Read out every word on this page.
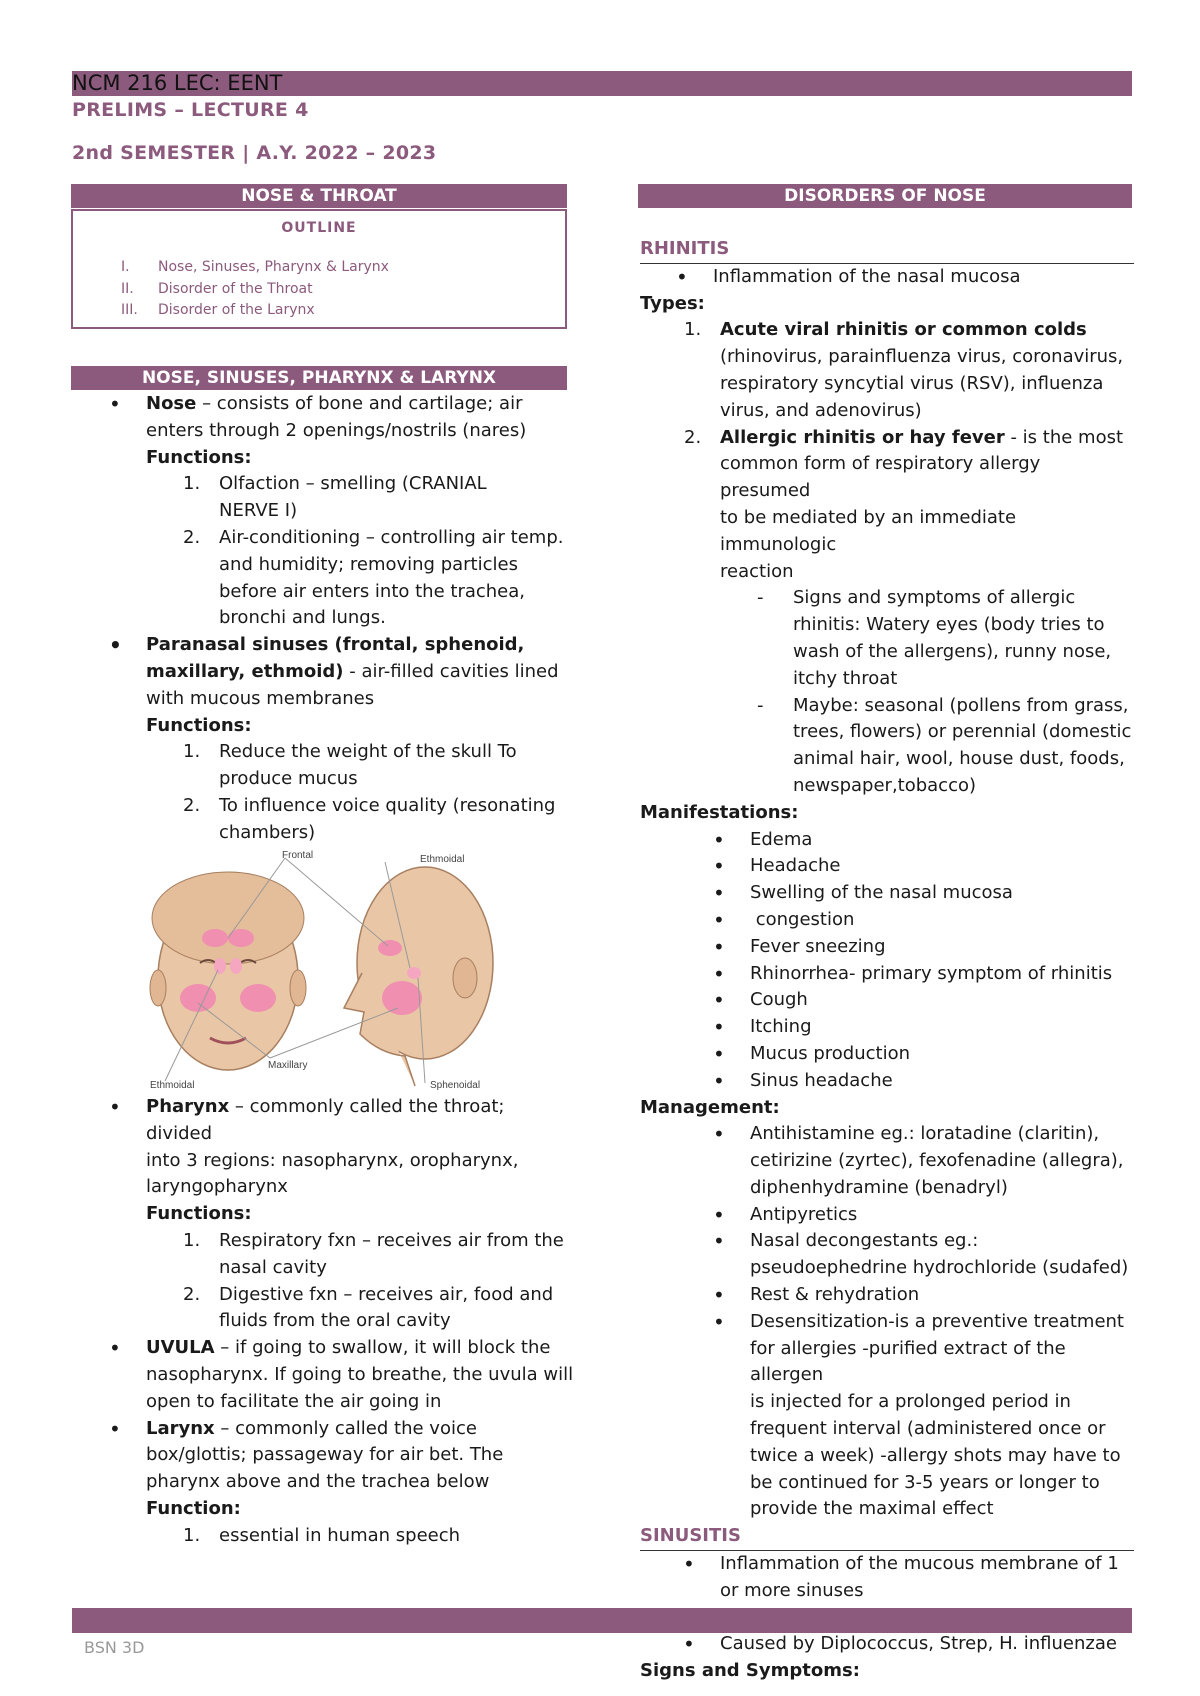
NCM 216 LEC: EENT
PRELIMS – LECTURE 4
2nd SEMESTER | A.Y. 2022 – 2023
NOSE & THROAT
OUTLINE
I. Nose, Sinuses, Pharynx & Larynx
II. Disorder of the Throat
III. Disorder of the Larynx
NOSE, SINUSES, PHARYNX & LARYNX
• Nose – consists of bone and cartilage; air
enters through 2 openings/nostrils (nares)
Functions:
1. Olfaction – smelling (CRANIAL
NERVE I)
2. Air-conditioning – controlling air temp.
and humidity; removing particles
before air enters into the trachea,
bronchi and lungs.
• Paranasal sinuses (frontal, sphenoid,
maxillary, ethmoid) - air-filled cavities lined
with mucous membranes
Functions:
1. Reduce the weight of the skull To
produce mucus
2. To influence voice quality (resonating
chambers)
Frontal	Ethmoidal
Maxillary
Ethmoidal	Sphenoidal
• Pharynx – commonly called the throat; divided
into 3 regions: nasopharynx, oropharynx,
laryngopharynx
Functions:
1. Respiratory fxn – receives air from the
nasal cavity
2. Digestive fxn – receives air, food and
fluids from the oral cavity
• UVULA – if going to swallow, it will block the
nasopharynx. If going to breathe, the uvula will
open to facilitate the air going in
• Larynx – commonly called the voice
box/glottis; passageway for air bet. The
pharynx above and the trachea below
Function:
1. essential in human speech
DISORDERS OF NOSE
RHINITIS
• Inflammation of the nasal mucosa
Types:
1. Acute viral rhinitis or common colds
(rhinovirus, parainfluenza virus, coronavirus,
respiratory syncytial virus (RSV), influenza
virus, and adenovirus)
2. Allergic rhinitis or hay fever - is the most
common form of respiratory allergy presumed
to be mediated by an immediate immunologic
reaction
- Signs and symptoms of allergic
rhinitis: Watery eyes (body tries to
wash of the allergens), runny nose,
itchy throat
- Maybe: seasonal (pollens from grass,
trees, flowers) or perennial (domestic
animal hair, wool, house dust, foods,
newspaper,tobacco)
Manifestations:
• Edema
• Headache
• Swelling of the nasal mucosa
•  congestion
• Fever sneezing
• Rhinorrhea- primary symptom of rhinitis
• Cough
• Itching
• Mucus production
• Sinus headache
Management:
• Antihistamine eg.: loratadine (claritin),
cetirizine (zyrtec), fexofenadine (allegra),
diphenhydramine (benadryl)
• Antipyretics
• Nasal decongestants eg.:
pseudoephedrine hydrochloride (sudafed)
• Rest & rehydration
• Desensitization-is a preventive treatment
for allergies -purified extract of the allergen
is injected for a prolonged period in
frequent interval (administered once or
twice a week) -allergy shots may have to
be continued for 3-5 years or longer to
provide the maximal effect
SINUSITIS
• Inflammation of the mucous membrane of 1
or more sinuses
•
• Caused by Diplococcus, Strep, H. influenzae
Signs and Symptoms:
BSN 3D
